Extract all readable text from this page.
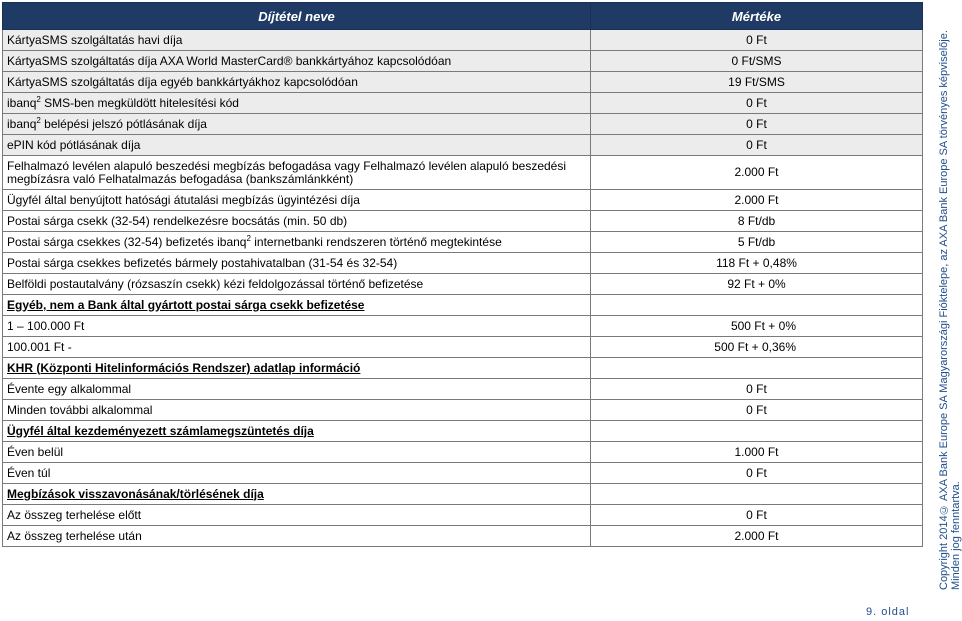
Díjtétel neve	Mértéke
KártyaSMS szolgáltatás havi díja	0 Ft
KártyaSMS szolgáltatás díja AXA World MasterCard® bankkártyához kapcsolódóan	0 Ft/SMS
KártyaSMS szolgáltatás díja egyéb bankkártyákhoz kapcsolódóan	19 Ft/SMS
ibanq$^2$ SMS-ben megküldött hitelesítési kód	0 Ft
ibanq$^2$ belépési jelszó pótlásának díja	0 Ft
ePIN kód pótlásának díja	0 Ft
Felhalmazó levélen alapuló beszedési megbízás befogadása vagy Felhalmazó levélen alapuló beszedési megbízásra való Felhatalmazás befogadása (bankszámlánkként)	2.000 Ft
Ügyfél által benyújtott hatósági átutalási megbízás ügyintézési díja	2.000 Ft
Postai sárga csekk (32-54) rendelkezésre bocsátás (min. 50 db)	8 Ft/db
Postai sárga csekkes (32-54) befizetés ibanq$^2$ internetbanki rendszeren történő megtekintése	5 Ft/db
Postai sárga csekkes befizetés bármely postahivatalban (31-54 és 32-54)	118 Ft + 0,48%
Belföldi postautalvány (rózsaszín csekk) kézi feldolgozással történő befizetése	92 Ft + 0%
Egyéb, nem a Bank által gyártott postai sárga csekk befizetése	
1 – 100.000 Ft	500 Ft + 0%
100.001 Ft -	500 Ft + 0,36%
KHR (Központi Hitelinformációs Rendszer) adatlap információ	
Évente egy alkalommal	0 Ft
Minden további alkalommal	0 Ft
Ügyfél által kezdeményezett számlamegszüntetés díja	
Éven belül	1.000 Ft
Éven túl	0 Ft
Megbízások visszavonásának/törlésének díja	
Az összeg terhelése előtt	0 Ft
Az összeg terhelése után	2.000 Ft	Copyright 2014© AXA Bank Europe SA Magyarországi Fióktelepe, az AXA Bank Europe SA törvényes képviselője. Minden jog fenntartva.
9. oldal
